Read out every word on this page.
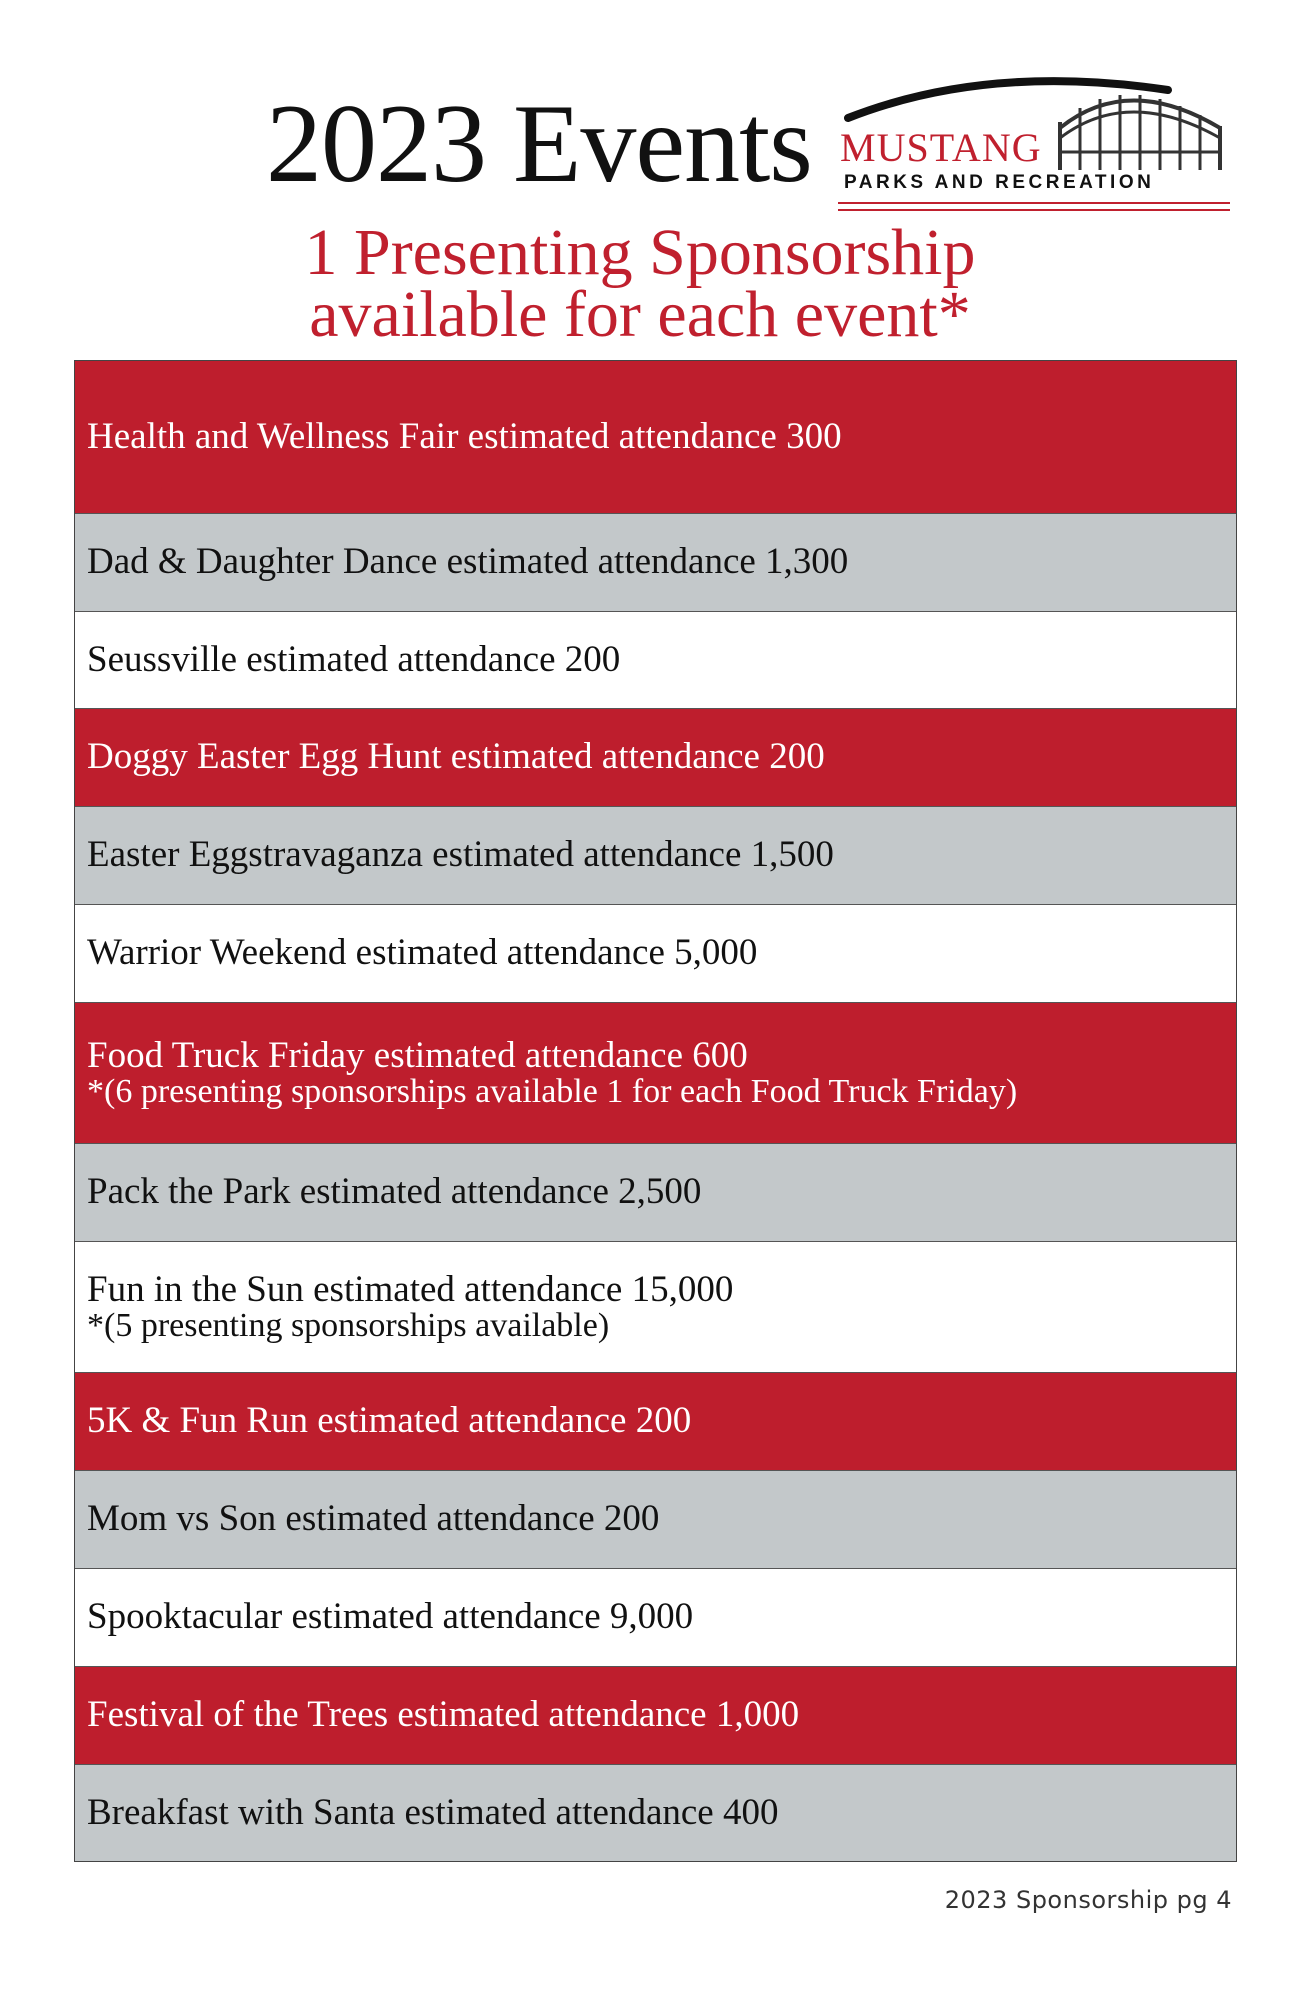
2023 Events MUSTANG
PARKS AND RECREATION
1 Presenting Sponsorship
available for each event*
Health and Wellness Fair estimated attendance 300
Dad & Daughter Dance estimated attendance 1,300
Seussville estimated attendance 200
Doggy Easter Egg Hunt estimated attendance 200
Easter Eggstravaganza estimated attendance 1,500
Warrior Weekend estimated attendance 5,000
Food Truck Friday estimated attendance 600
*(6 presenting sponsorships available 1 for each Food Truck Friday)
Pack the Park estimated attendance 2,500
Fun in the Sun estimated attendance 15,000
*(5 presenting sponsorships available)
5K & Fun Run estimated attendance 200
Mom vs Son estimated attendance 200
Spooktacular estimated attendance 9,000
Festival of the Trees estimated attendance 1,000
Breakfast with Santa estimated attendance 400
2023 Sponsorship pg 4
